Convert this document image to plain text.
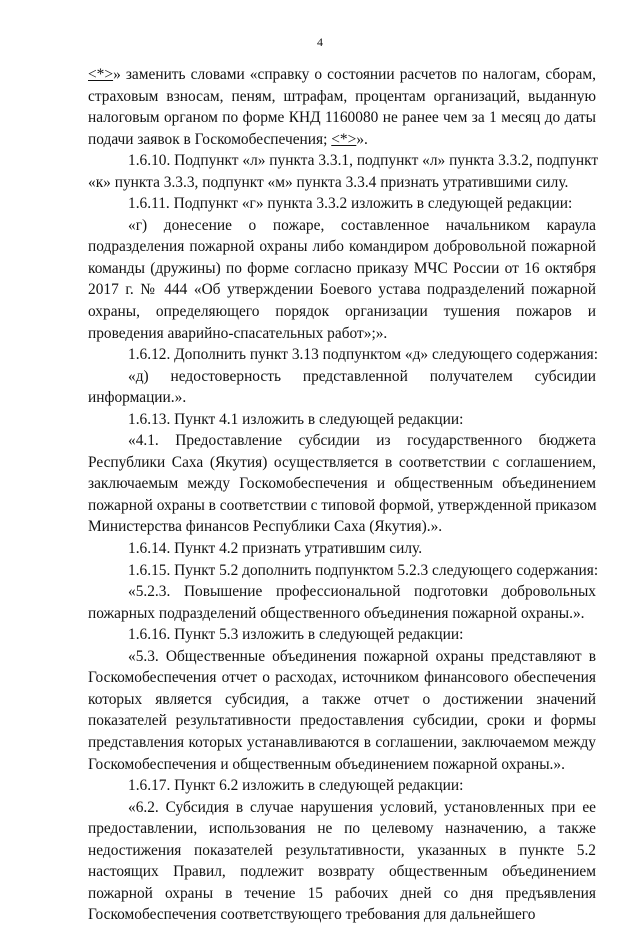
4
<*>» заменить словами «справку о состоянии расчетов по налогам, сборам,
страховым взносам, пеням, штрафам, процентам организаций, выданную
налоговым органом по форме КНД 1160080 не ранее чем за 1 месяц до даты
подачи заявок в Госкомобеспечения; <*>».
1.6.10. Подпункт «л» пункта 3.3.1, подпункт «л» пункта 3.3.2, подпункт
«к» пункта 3.3.3, подпункт «м» пункта 3.3.4 признать утратившими силу.
1.6.11. Подпункт «г» пункта 3.3.2 изложить в следующей редакции:
«г) донесение о пожаре, составленное начальником караула
подразделения пожарной охраны либо командиром добровольной пожарной
команды (дружины) по форме согласно приказу МЧС России от 16 октября
2017 г. № 444 «Об утверждении Боевого устава подразделений пожарной
охраны, определяющего порядок организации тушения пожаров и
проведения аварийно-спасательных работ»;».
1.6.12. Дополнить пункт 3.13 подпунктом «д» следующего содержания:
«д) недостоверность представленной получателем субсидии
информации.».
1.6.13. Пункт 4.1 изложить в следующей редакции:
«4.1. Предоставление субсидии из государственного бюджета
Республики Саха (Якутия) осуществляется в соответствии с соглашением,
заключаемым между Госкомобеспечения и общественным объединением
пожарной охраны в соответствии с типовой формой, утвержденной приказом
Министерства финансов Республики Саха (Якутия).».
1.6.14. Пункт 4.2 признать утратившим силу.
1.6.15. Пункт 5.2 дополнить подпунктом 5.2.3 следующего содержания:
«5.2.3. Повышение профессиональной подготовки добровольных
пожарных подразделений общественного объединения пожарной охраны.».
1.6.16. Пункт 5.3 изложить в следующей редакции:
«5.3. Общественные объединения пожарной охраны представляют в
Госкомобеспечения отчет о расходах, источником финансового обеспечения
которых является субсидия, а также отчет о достижении значений
показателей результативности предоставления субсидии, сроки и формы
представления которых устанавливаются в соглашении, заключаемом между
Госкомобеспечения и общественным объединением пожарной охраны.».
1.6.17. Пункт 6.2 изложить в следующей редакции:
«6.2. Субсидия в случае нарушения условий, установленных при ее
предоставлении, использования не по целевому назначению, а также
недостижения показателей результативности, указанных в пункте 5.2
настоящих Правил, подлежит возврату общественным объединением
пожарной охраны в течение 15 рабочих дней со дня предъявления
Госкомобеспечения соответствующего требования для дальнейшего
